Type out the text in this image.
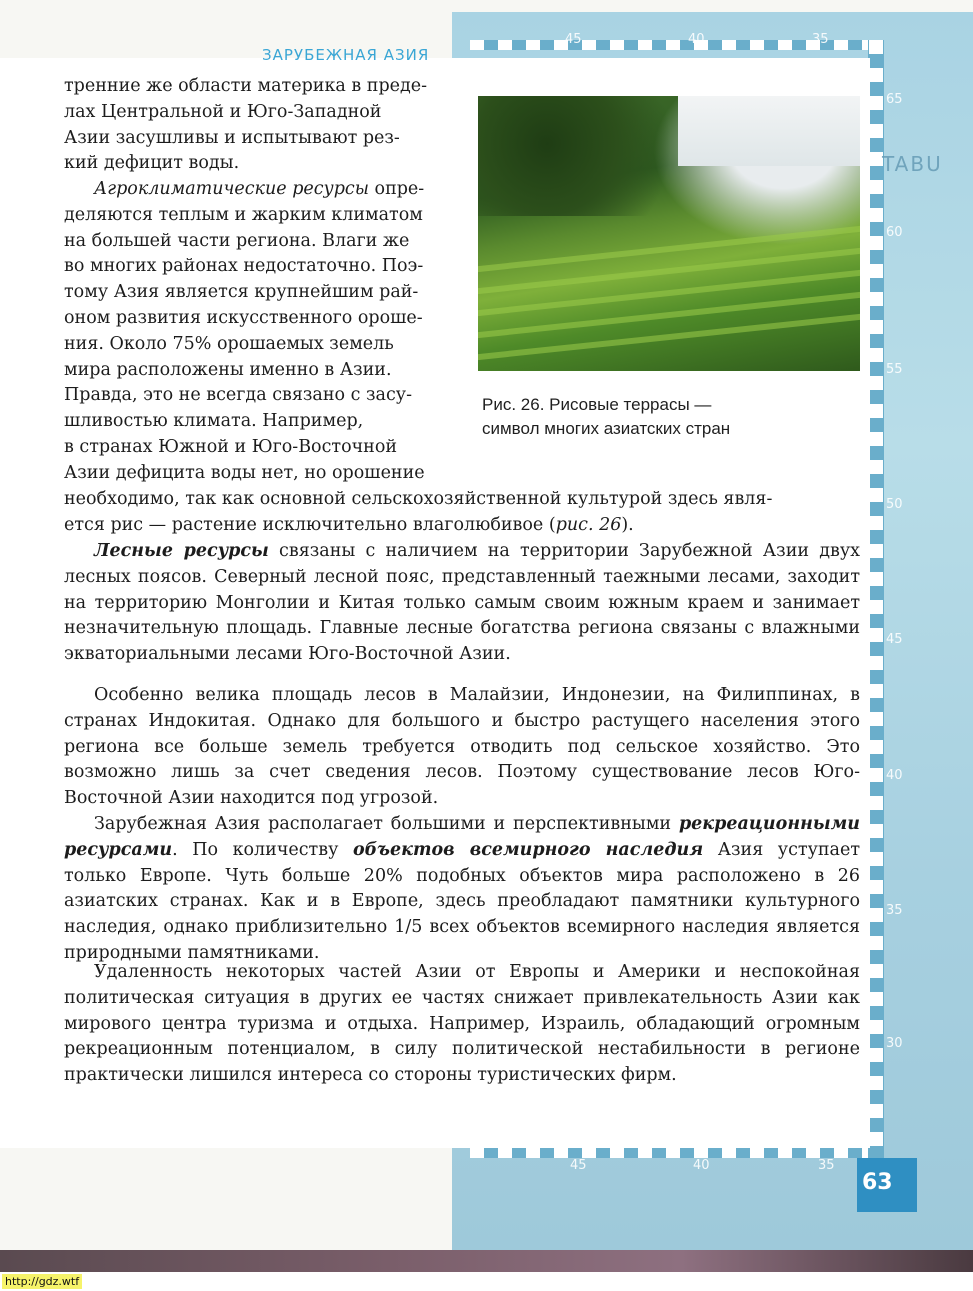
45	40	35
65
TABU
60
55
50
45
40
35
30
45	40	35
ЗАРУБЕЖНАЯ АЗИЯ
Рис. 26. Рисовые террасы —
символ многих азиатских стран
тренние же области материка в преде-
лах Центральной и Юго-Западной
Азии засушливы и испытывают рез-
кий дефицит воды.
Агроклиматические ресурсы опре-
деляются теплым и жарким климатом
на большей части региона. Влаги же
во многих районах недостаточно. Поэ-
тому Азия является крупнейшим рай-
оном развития искусственного ороше-
ния. Около 75% орошаемых земель
мира расположены именно в Азии.
Правда, это не всегда связано с засу-
шливостью климата. Например,
в странах Южной и Юго-Восточной
Азии дефицита воды нет, но орошение
необходимо, так как основной сельскохозяйственной культурой здесь явля-
ется рис — растение исключительно влаголюбивое (рис. 26).

Лесные ресурсы связаны с наличием на территории Зарубежной Азии двух лесных поясов. Северный лесной пояс, представленный таежными лесами, заходит на территорию Монголии и Китая только самым своим южным краем и занимает незначительную площадь. Главные лесные богатства региона связаны с влажными экваториальными лесами Юго-Восточной Азии.

Особенно велика площадь лесов в Малайзии, Индонезии, на Филиппинах, в странах Индокитая. Однако для большого и быстро растущего населения этого региона все больше земель требуется отводить под сельское хозяйство. Это возможно лишь за счет сведения лесов. Поэтому существование лесов Юго-Восточной Азии находится под угрозой.

Зарубежная Азия располагает большими и перспективными рекреационными ресурсами. По количеству объектов всемирного наследия Азия уступает только Европе. Чуть больше 20% подобных объектов мира расположено в 26 азиатских странах. Как и в Европе, здесь преобладают памятники культурного наследия, однако приблизительно 1/5 всех объектов всемирного наследия является природными памятниками.

Удаленность некоторых частей Азии от Европы и Америки и неспокойная политическая ситуация в других ее частях снижает привлекательность Азии как мирового центра туризма и отдыха. Например, Израиль, обладающий огромным рекреационным потенциалом, в силу политической нестабильности в регионе практически лишился интереса со стороны туристических фирм.

63
http://gdz.wtf
